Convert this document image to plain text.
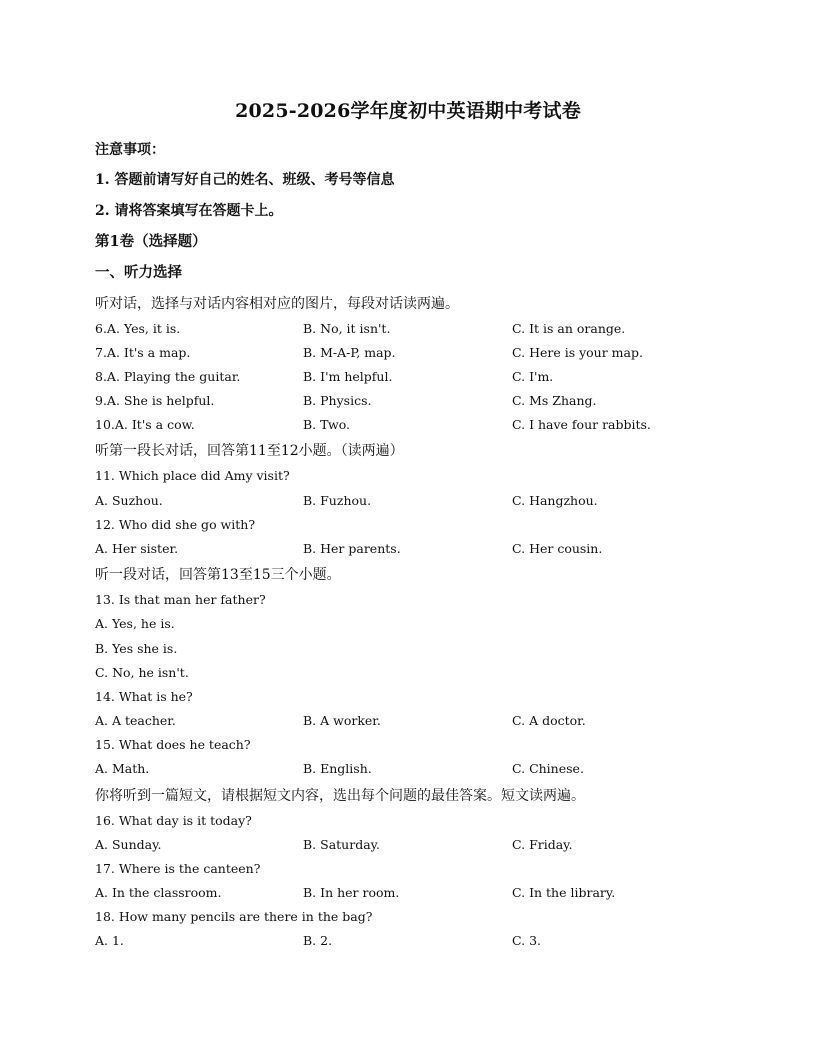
2025-2026学年度初中英语期中考试卷
注意事项：
1. 答题前请写好自己的姓名、班级、考号等信息
2. 请将答案填写在答题卡上。
第1卷（选择题）
一、听力选择
听对话，选择与对话内容相对应的图片，每段对话读两遍。
6.A. Yes, it is.	B. No, it isn't.	C. It is an orange.
7.A. It's a map.	B. M-A-P, map.	C. Here is your map.
8.A. Playing the guitar.	B. I'm helpful.	C. I'm.
9.A. She is helpful.	B. Physics.	C. Ms Zhang.
10.A. It's a cow.	B. Two.	C. I have four rabbits.
听第一段长对话，回答第11至12小题。（读两遍）
11. Which place did Amy visit?
A. Suzhou.	B. Fuzhou.	C. Hangzhou.
12. Who did she go with?
A. Her sister.	B. Her parents.	C. Her cousin.
听一段对话，回答第13至15三个小题。
13. Is that man her father?
A. Yes, he is.
B. Yes she is.
C. No, he isn't.
14. What is he?
A. A teacher.	B. A worker.	C. A doctor.
15. What does he teach?
A. Math.	B. English.	C. Chinese.
你将听到一篇短文，请根据短文内容，选出每个问题的最佳答案。短文读两遍。
16. What day is it today?
A. Sunday.	B. Saturday.	C. Friday.
17. Where is the canteen?
A. In the classroom.	B. In her room.	C. In the library.
18. How many pencils are there in the bag?
A. 1.	B. 2.	C. 3.
